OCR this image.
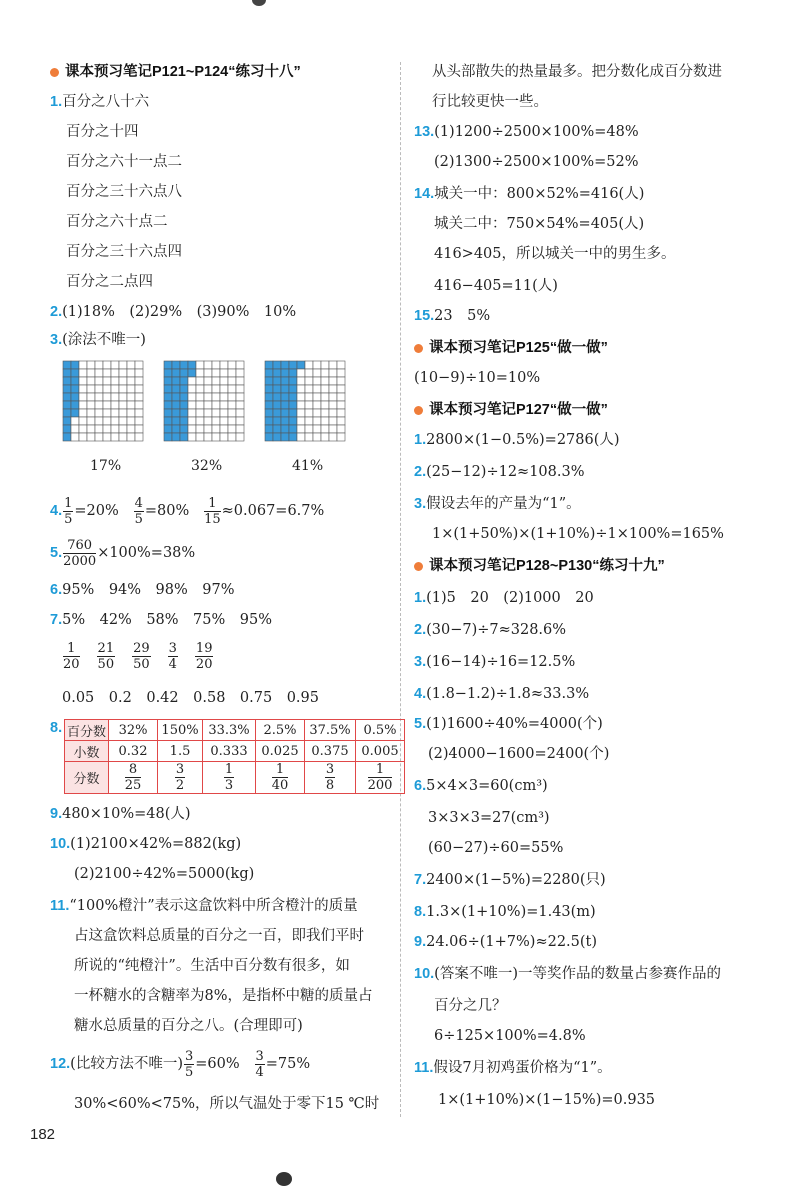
课本预习笔记P121~P124“练习十八”
1.百分之八十六
百分之十四
百分之六十一点二
百分之三十六点八
百分之六十点二
百分之三十六点四
百分之二点四
2.(1)18%　(2)29%　(3)90%　10%
3.(涂法不唯一)
17%	32%	41%
4. $\frac{1}{5} =20\% \frac{4}{5} =80\% \frac{1}{15} \approx 0.067=6.7\%$
5. $\frac{760}{2000} \times 100\%=38\%$
6.95%　94%　98%　97%
7.5%　42%　58%　75%　95%
$\frac{1}{20} \frac{21}{50} \frac{29}{50} \frac{3}{4} \frac{19}{20}$
0.05　0.2　0.42　0.58　0.75　0.95
8. 百分数	32%	150%	33.3%	2.5%	37.5%	0.5%
小数	0.32	1.5	0.333	0.025	0.375	0.005
分数	$\frac{8}{25}$	$\frac{3}{2}$	$\frac{1}{3}$	$\frac{1}{40}$	$\frac{3}{8}$	$\frac{1}{200}$
9.480×10%=48(人)
10.(1)2100×42%=882(kg)
(2)2100÷42%=5000(kg)
11.“100%橙汁”表示这盒饮料中所含橙汁的质量
占这盒饮料总质量的百分之一百，即我们平时
所说的“纯橙汁”。生活中百分数有很多，如
一杯糖水的含糖率为8%，是指杯中糖的质量占
糖水总质量的百分之八。(合理即可)
12.(比较方法不唯一) $\frac{3}{5} =60\% \frac{3}{4} =75\%$
30%<60%<75%，所以气温处于零下15 ℃时
从头部散失的热量最多。把分数化成百分数进
行比较更快一些。
13.(1)1200÷2500×100%=48%
(2)1300÷2500×100%=52%
14.城关一中：800×52%=416(人)
城关二中：750×54%=405(人)
416>405，所以城关一中的男生多。
416−405=11(人)
15.23　5%
课本预习笔记P125“做一做”
(10−9)÷10=10%
课本预习笔记P127“做一做”
1.2800×(1−0.5%)=2786(人)
2.(25−12)÷12≈108.3%
3.假设去年的产量为“1”。
1×(1+50%)×(1+10%)÷1×100%=165%
课本预习笔记P128~P130“练习十九”
1.(1)5　20　(2)1000　20
2.(30−7)÷7≈328.6%
3.(16−14)÷16=12.5%
4.(1.8−1.2)÷1.8≈33.3%
5.(1)1600÷40%=4000(个)
(2)4000−1600=2400(个)
6.5×4×3=60(cm³)
3×3×3=27(cm³)
(60−27)÷60=55%
7.2400×(1−5%)=2280(只)
8.1.3×(1+10%)=1.43(m)
9.24.06÷(1+7%)≈22.5(t)
10.(答案不唯一)一等奖作品的数量占参赛作品的
百分之几？
6÷125×100%=4.8%
11.假设7月初鸡蛋价格为“1”。
1×(1+10%)×(1−15%)=0.935
182
